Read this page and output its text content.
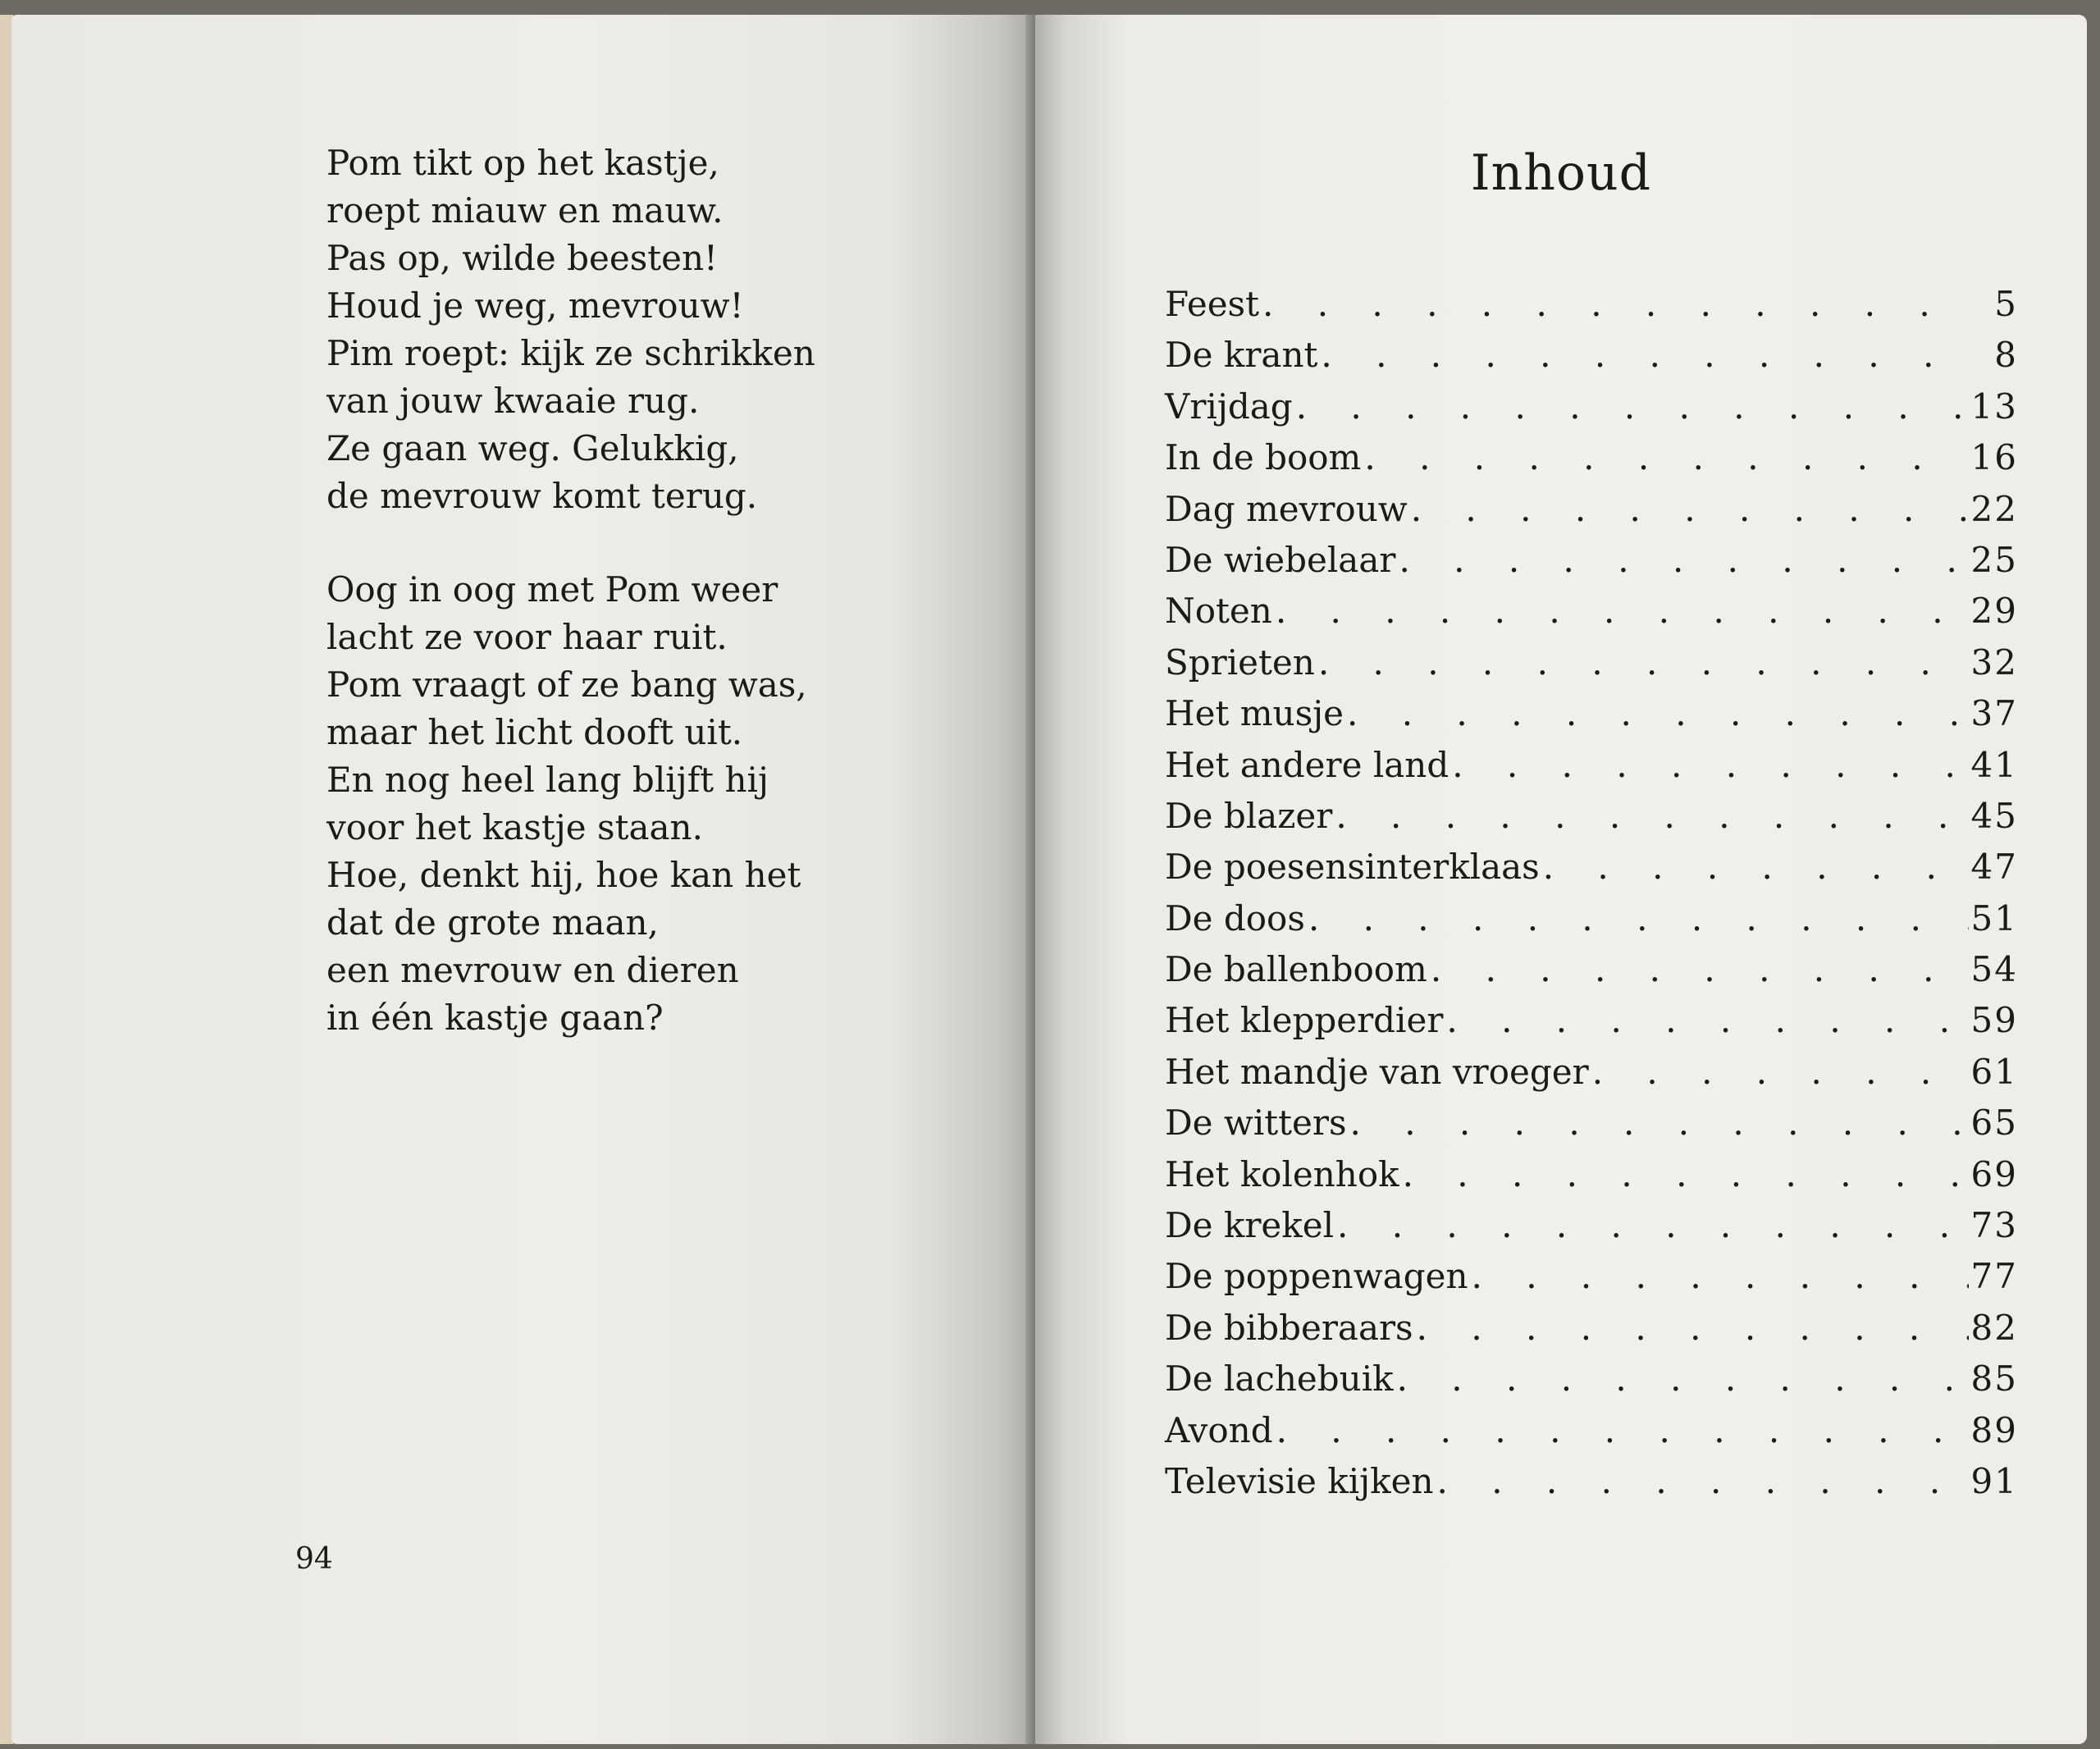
Pom tikt op het kastje,
roept miauw en mauw.
Pas op, wilde beesten!
Houd je weg, mevrouw!
Pim roept: kijk ze schrikken
van jouw kwaaie rug.
Ze gaan weg. Gelukkig,
de mevrouw komt terug.
Oog in oog met Pom weer
lacht ze voor haar ruit.
Pom vraagt of ze bang was,
maar het licht dooft uit.
En nog heel lang blijft hij
voor het kastje staan.
Hoe, denkt hij, hoe kan het
dat de grote maan,
een mevrouw en dieren
in één kastje gaan?
94
Inhoud
Feest . . .	5
De krant . . .	8
Vrijdag . . .	13
In de boom . . .	16
Dag mevrouw . . .	22
De wiebelaar . . .	25
Noten . . .	29
Sprieten . . .	32
Het musje . . .	37
Het andere land . . .	41
De blazer . . .	45
De poesensinterklaas . . .	47
De doos . . .	51
De ballenboom . . .	54
Het klepperdier . . .	59
Het mandje van vroeger . . .	61
De witters . . .	65
Het kolenhok . . .	69
De krekel . . .	73
De poppenwagen . . .	77
De bibberaars . . .	82
De lachebuik . . .	85
Avond . . .	89
Televisie kijken . . .	91
